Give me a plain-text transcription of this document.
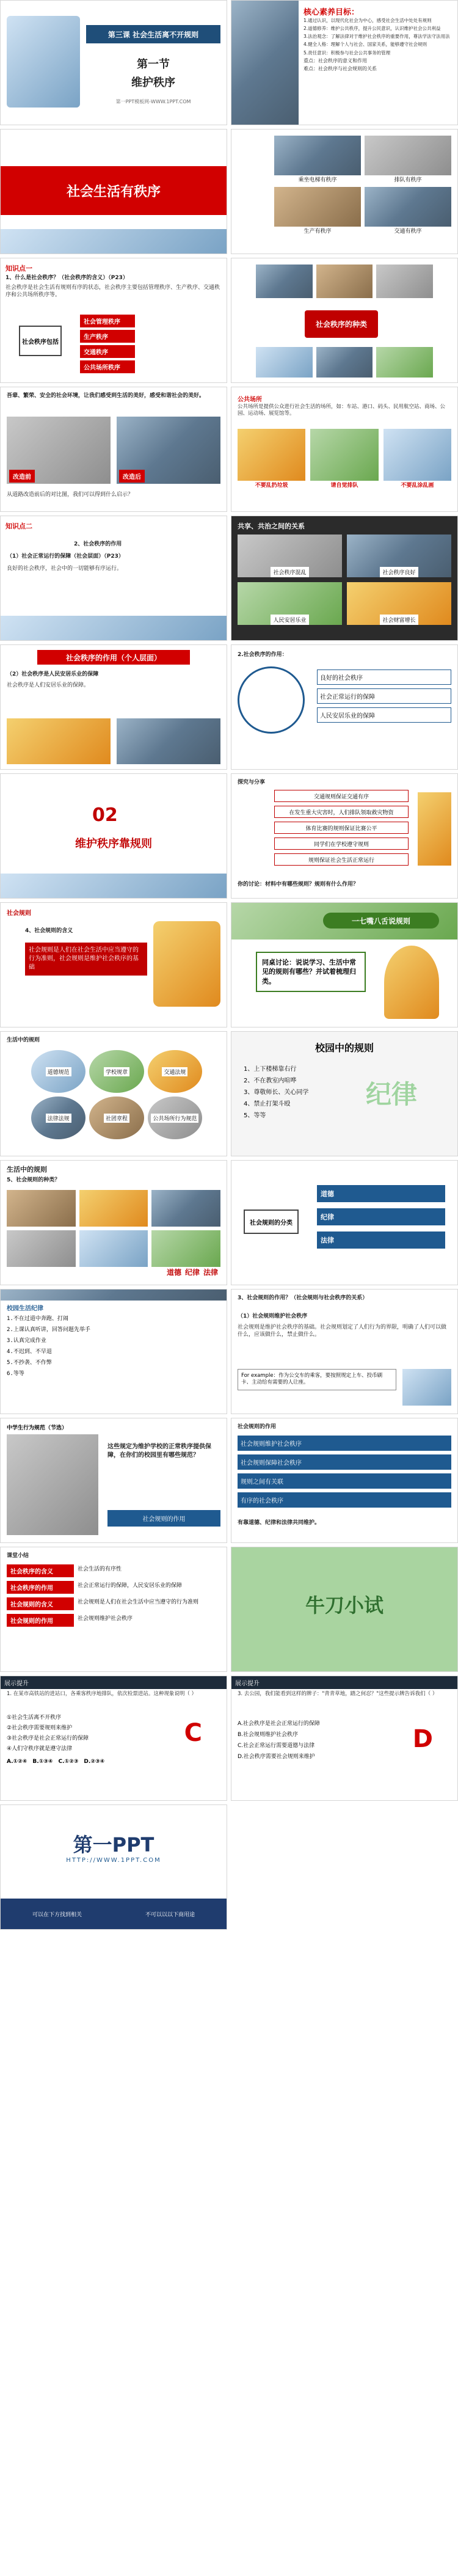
第三课 社会生活离不开规则
第一节
维护秩序
第一PPT模板网-WWW.1PPT.COM
核心素养目标：
1.通过认识，以现代化社会为中心，感受社会生活中处处有规则
2.道德修养：维护公共秩序，提升公民意识，认识维护社会公共利益
3.法治观念：了解法律对于维护社会秩序的重要作用，尊法学法守法用法
4.健全人格：理解个人与社会、国家关系，能够遵守社会规则
5.责任意识：积极参与社会公共事务的管理
重点：社会秩序的意义和作用
难点：社会秩序与社会规则的关系
社会生活有秩序
乘坐电梯有秩序	排队有秩序
生产有秩序	交通有秩序
知识点一
1、什么是社会秩序？（社会秩序的含义）（P23）
社会秩序是社会生活有规则有序的状态，社会秩序主要包括管理秩序、生产秩序、交通秩序和公共场所秩序等。
社会秩序包括
社会管理秩序
生产秩序
交通秩序
公共场所秩序
社会秩序的种类
吾辈、繁荣、安全的社会环境，让我们感受到生活的美好，感受和谐社会的美好。
改造前	改造后
从道路改造前后的对比图，我们可以得到什么启示？
公共场所
公共场所是提供公众进行社会生活的场所，如：车站、港口、码头、民用航空站、商场、公园、运动场、展览馆等。
不要乱扔垃圾	请自觉排队	不要乱涂乱画
知识点二
2、社会秩序的作用
（1）社会正常运行的保障（社会层面）（P23）
良好的社会秩序，社会中的一切能够有序运行。
共享、共治之间的关系
社会秩序混乱	社会秩序良好
人民安居乐业	社会财富增长
社会秩序的作用（个人层面）
（2）社会秩序是人民安居乐业的保障
社会秩序是人们安居乐业的保障。
2.社会秩序的作用：
良好的社会秩序
社会正常运行的保障
人民安居乐业的保障
02
维护秩序靠规则
探究与分享
交通规则保证交通有序
在发生重大灾害时，人们排队领取救灾物资
体育比赛的规则保证比赛公平
同学们在学校遵守规则
规则保证社会生活正常运行
你的讨论：材料中有哪些规则？规则有什么作用？
社会规则
4、社会规则的含义
社会规则是人们在社会生活中应当遵守的行为准则，社会规则是维护社会秩序的基础
一七嘴八舌说规则
同桌讨论：说说学习、生活中常见的规则有哪些？并试着梳理归类。
生活中的规则
道德规范	学校规章	交通法规
法律法规	社团章程	公共场所行为规范
校园中的规则
1、上下楼梯靠右行
2、不在教室内喧哗
3、尊敬师长、关心同学
4、禁止打架斗殴
5、等等
纪律
生活中的规则
5、社会规则的种类？
道德 纪律 法律
社会规则的分类
道德
纪律
法律
校园生活纪律
1.不在过道中奔跑、打闹
2.上课认真听讲，回答问题先举手
3.认真完成作业
4.不迟到、不早退
5.不抄袭、不作弊
6.等等
3、社会规则的作用？（社会规则与社会秩序的关系）
（1）社会规则维护社会秩序
社会规则是维护社会秩序的基础。社会规则划定了人们行为的界限，明确了人们可以做什么，应该做什么，禁止做什么。
For example：作为公交车的乘客，要按照规定上车、投币刷卡、主动给有需要的人让座。
中学生行为规范（节选）
这些规定为维护学校的正常秩序提供保障，在你们的校园里有哪些规范？
社会规则的作用
社会规则的作用
社会规则维护社会秩序
社会规则保障社会秩序
规则之间有关联
有序的社会秩序
有靠道德、纪律和法律共同维护。
课堂小结
社会秩序的含义	社会生活的有序性
社会秩序的作用	社会正常运行的保障，人民安居乐业的保障
社会规则的含义	社会规则是人们在社会生活中应当遵守的行为准则
社会规则的作用	社会规则维护社会秩序
牛刀小试
展示提升
1. 在某市高铁站的进站口，各乘客秩序地排队，依次检票进站。这种现象说明（ ）
①社会生活离不开秩序
②社会秩序需要规则来维护
③社会秩序是社会正常运行的保障
④人们守秩序就是遵守法律
A.①②④　B.①③④　C.①②③　D.②③④
C
展示提升
3. 去公园，我们能看到这样的牌子："青青草地，踏之何忍？"这些提示牌告诉我们（ ）
A.社会秩序是社会正常运行的保障
B.社会规则维护社会秩序
C.社会正常运行需要道德与法律
D.社会秩序需要社会规则来维护
D
第一PPT
HTTP://WWW.1PPT.COM
可以在下方找到相关	不可以以以下商用途
